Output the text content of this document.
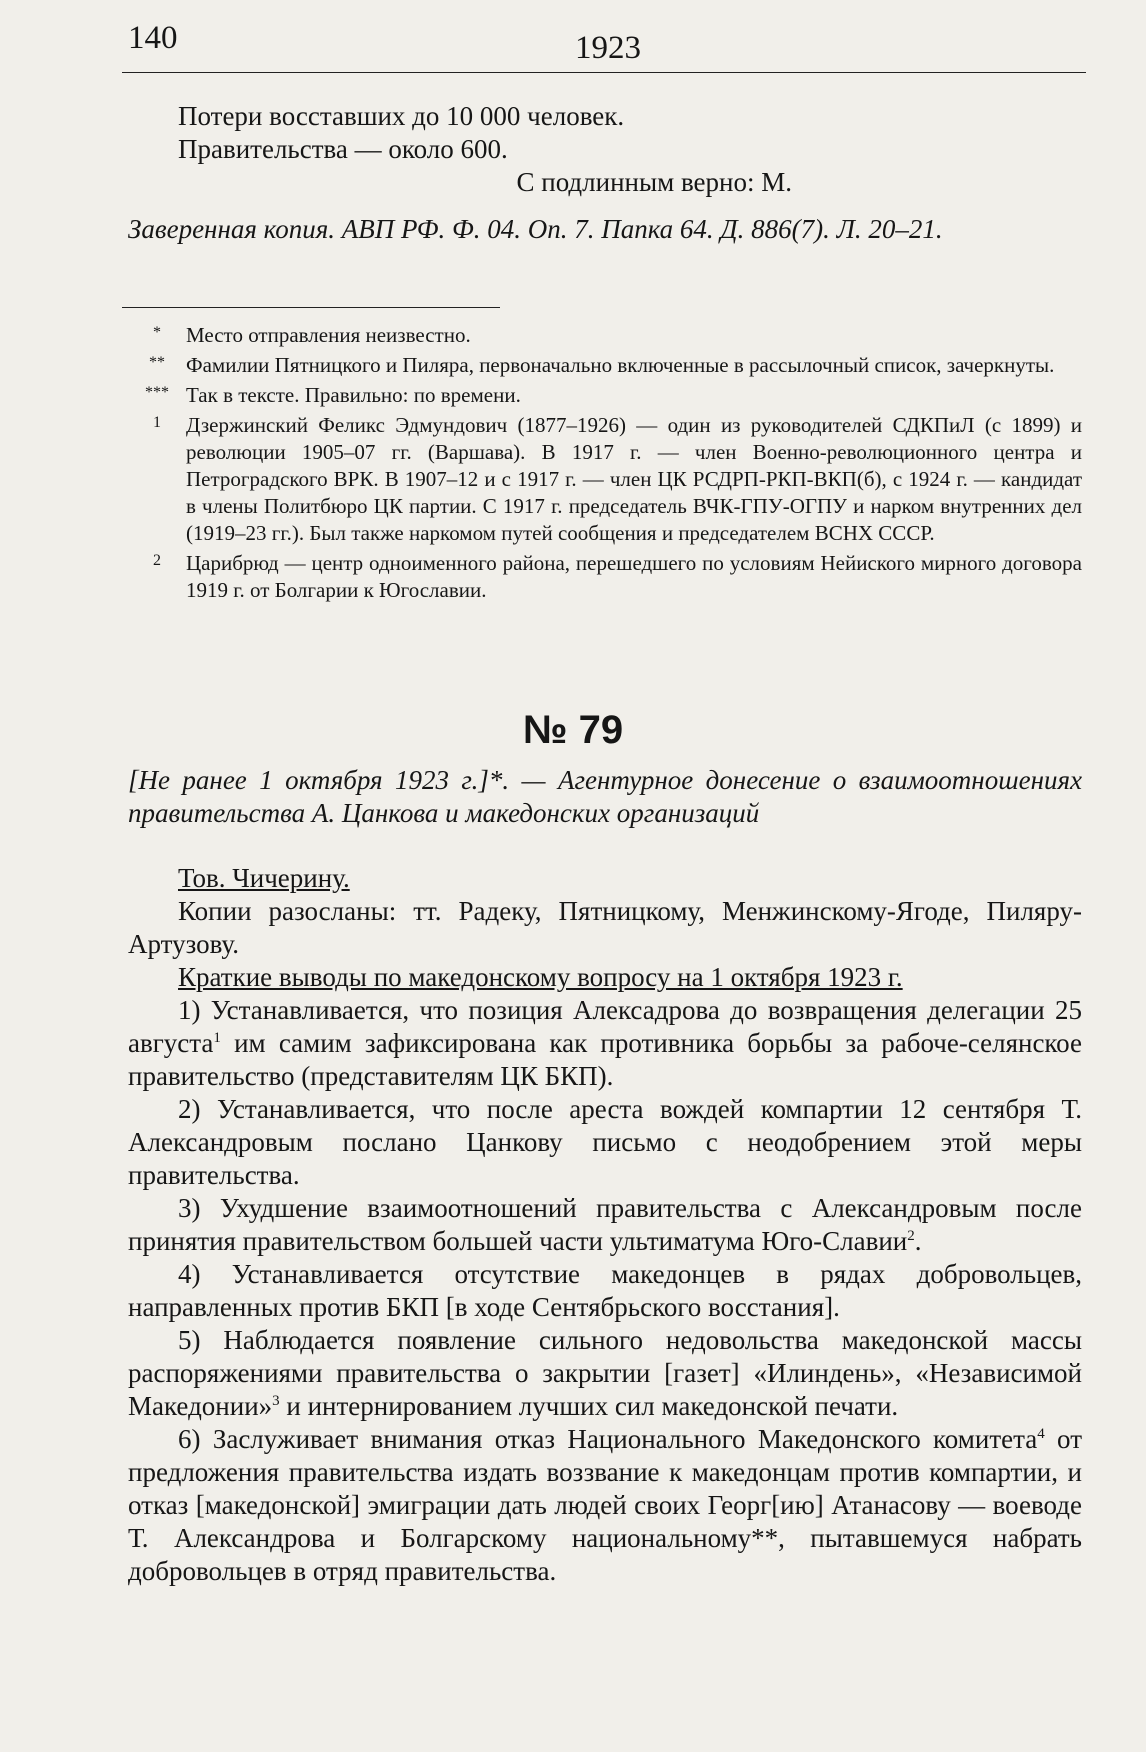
140	1923
Потери восставших до 10 000 человек.
Правительства — около 600.
С подлинным верно: М.
Заверенная копия. АВП РФ. Ф. 04. Оп. 7. Папка 64. Д. 886(7). Л. 20–21.
*	Место отправления неизвестно.
**	Фамилии Пятницкого и Пиляра, первоначально включенные в рассылочный список, зачеркнуты.
*** Так в тексте. Правильно: по времени.
1	Дзержинский Феликс Эдмундович (1877–1926) — один из руководителей СДКПиЛ (с 1899) и революции 1905–07 гг. (Варшава). В 1917 г. — член Военно-революционного центра и Петроградского ВРК. В 1907–12 и с 1917 г. — член ЦК РСДРП-РКП-ВКП(б), с 1924 г. — кандидат в члены Политбюро ЦК партии. С 1917 г. председатель ВЧК-ГПУ-ОГПУ и нарком внутренних дел (1919–23 гг.). Был также наркомом путей сообщения и председателем ВСНХ СССР.
2	Царибрюд — центр одноименного района, перешедшего по условиям Нейиского мирного договора 1919 г. от Болгарии к Югославии.
№ 79
[Не ранее 1 октября 1923 г.]*. — Агентурное донесение о взаимоотношениях правительства А. Цанкова и македонских организаций
Тов. Чичерину.
Копии разосланы: тт. Радеку, Пятницкому, Менжинскому-Ягоде, Пиляру-Артузову.
Краткие выводы по македонскому вопросу на 1 октября 1923 г.
1) Устанавливается, что позиция Алексадрова до возвращения делегации 25 августа$^1$ им самим зафиксирована как противника борьбы за рабоче-селянское правительство (представителям ЦК БКП).
2) Устанавливается, что после ареста вождей компартии 12 сентября Т. Александровым послано Цанкову письмо с неодобрением этой меры правительства.
3) Ухудшение взаимоотношений правительства с Александровым после принятия правительством большей части ультиматума Юго-Славии$^2$.
4) Устанавливается отсутствие македонцев в рядах добровольцев, направленных против БКП [в ходе Сентябрьского восстания].
5) Наблюдается появление сильного недовольства македонской массы распоряжениями правительства о закрытии [газет] «Илиндень», «Независимой Македонии»$^3$ и интернированием лучших сил македонской печати.
6) Заслуживает внимания отказ Национального Македонского комитета$^4$ от предложения правительства издать воззвание к македонцам против компартии, и отказ [македонской] эмиграции дать людей своих Георг[ию] Атанасову — воеводе Т. Александрова и Болгарскому национальному**, пытавшемуся набрать добровольцев в отряд правительства.
